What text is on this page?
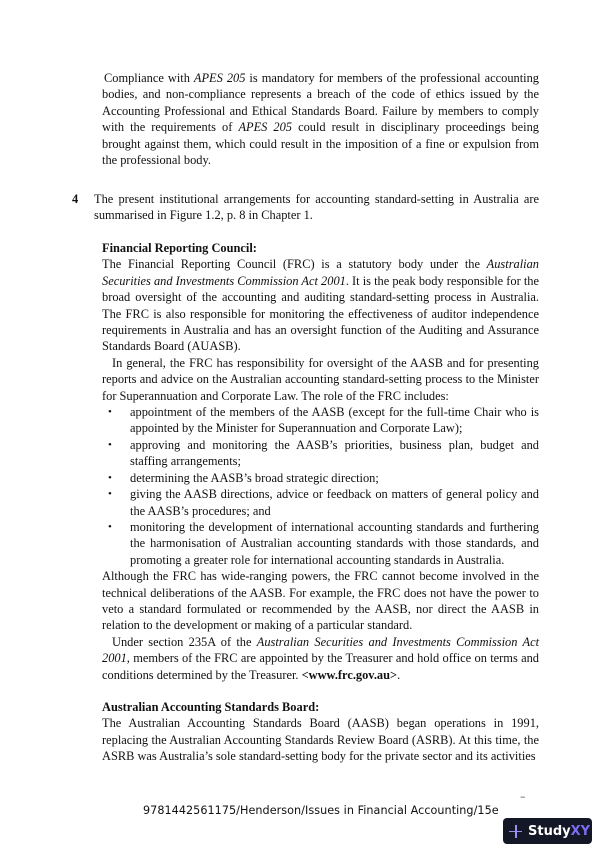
Compliance with APES 205 is mandatory for members of the professional accounting bodies, and non-compliance represents a breach of the code of ethics issued by the Accounting Professional and Ethical Standards Board. Failure by members to comply with the requirements of APES 205 could result in disciplinary proceedings being brought against them, which could result in the imposition of a fine or expulsion from the professional body.
4 The present institutional arrangements for accounting standard-setting in Australia are summarised in Figure 1.2, p. 8 in Chapter 1.
Financial Reporting Council:
The Financial Reporting Council (FRC) is a statutory body under the Australian Securities and Investments Commission Act 2001. It is the peak body responsible for the broad oversight of the accounting and auditing standard-setting process in Australia. The FRC is also responsible for monitoring the effectiveness of auditor independence requirements in Australia and has an oversight function of the Auditing and Assurance Standards Board (AUASB).
In general, the FRC has responsibility for oversight of the AASB and for presenting reports and advice on the Australian accounting standard-setting process to the Minister for Superannuation and Corporate Law. The role of the FRC includes:
• appointment of the members of the AASB (except for the full-time Chair who is appointed by the Minister for Superannuation and Corporate Law);
• approving and monitoring the AASB’s priorities, business plan, budget and staffing arrangements;
• determining the AASB’s broad strategic direction;
• giving the AASB directions, advice or feedback on matters of general policy and the AASB’s procedures; and
• monitoring the development of international accounting standards and furthering the harmonisation of Australian accounting standards with those standards, and promoting a greater role for international accounting standards in Australia.
Although the FRC has wide-ranging powers, the FRC cannot become involved in the technical deliberations of the AASB. For example, the FRC does not have the power to veto a standard formulated or recommended by the AASB, nor direct the AASB in relation to the development or making of a particular standard.
Under section 235A of the Australian Securities and Investments Commission Act 2001, members of the FRC are appointed by the Treasurer and hold office on terms and conditions determined by the Treasurer. <www.frc.gov.au>.
Australian Accounting Standards Board:
The Australian Accounting Standards Board (AASB) began operations in 1991, replacing the Australian Accounting Standards Review Board (ASRB). At this time, the ASRB was Australia’s sole standard-setting body for the private sector and its activities
–
9781442561175/Henderson/Issues in Financial Accounting/15e
Study XY
